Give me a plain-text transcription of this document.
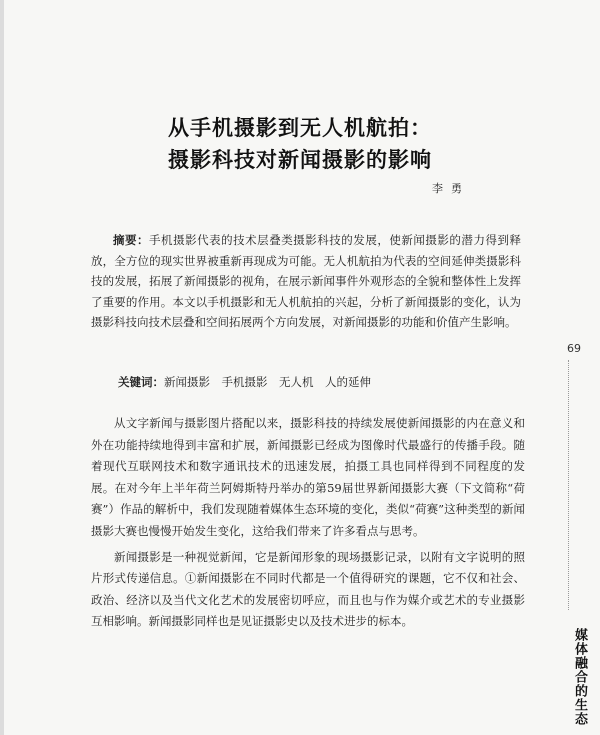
从手机摄影到无人机航拍：
摄影科技对新闻摄影的影响
李勇
摘要：手机摄影代表的技术层叠类摄影科技的发展，使新闻摄影的潜力得到释放，全方位的现实世界被重新再现成为可能。无人机航拍为代表的空间延伸类摄影科技的发展，拓展了新闻摄影的视角，在展示新闻事件外观形态的全貌和整体性上发挥了重要的作用。本文以手机摄影和无人机航拍的兴起，分析了新闻摄影的变化，认为摄影科技向技术层叠和空间拓展两个方向发展，对新闻摄影的功能和价值产生影响。
关键词：新闻摄影　手机摄影　无人机　人的延伸

从文字新闻与摄影图片搭配以来，摄影科技的持续发展使新闻摄影的内在意义和外在功能持续地得到丰富和扩展，新闻摄影已经成为图像时代最盛行的传播手段。随着现代互联网技术和数字通讯技术的迅速发展，拍摄工具也同样得到不同程度的发展。在对今年上半年荷兰阿姆斯特丹举办的第59届世界新闻摄影大赛（下文简称“荷赛”）作品的解析中，我们发现随着媒体生态环境的变化，类似“荷赛”这种类型的新闻摄影大赛也慢慢开始发生变化，这给我们带来了许多看点与思考。

新闻摄影是一种视觉新闻，它是新闻形象的现场摄影记录，以附有文字说明的照片形式传递信息。①新闻摄影在不同时代都是一个值得研究的课题，它不仅和社会、政治、经济以及当代文化艺术的发展密切呼应，而且也与作为媒介或艺术的专业摄影互相影响。新闻摄影同样也是见证摄影史以及技术进步的标本。

69
媒体融合的生态
